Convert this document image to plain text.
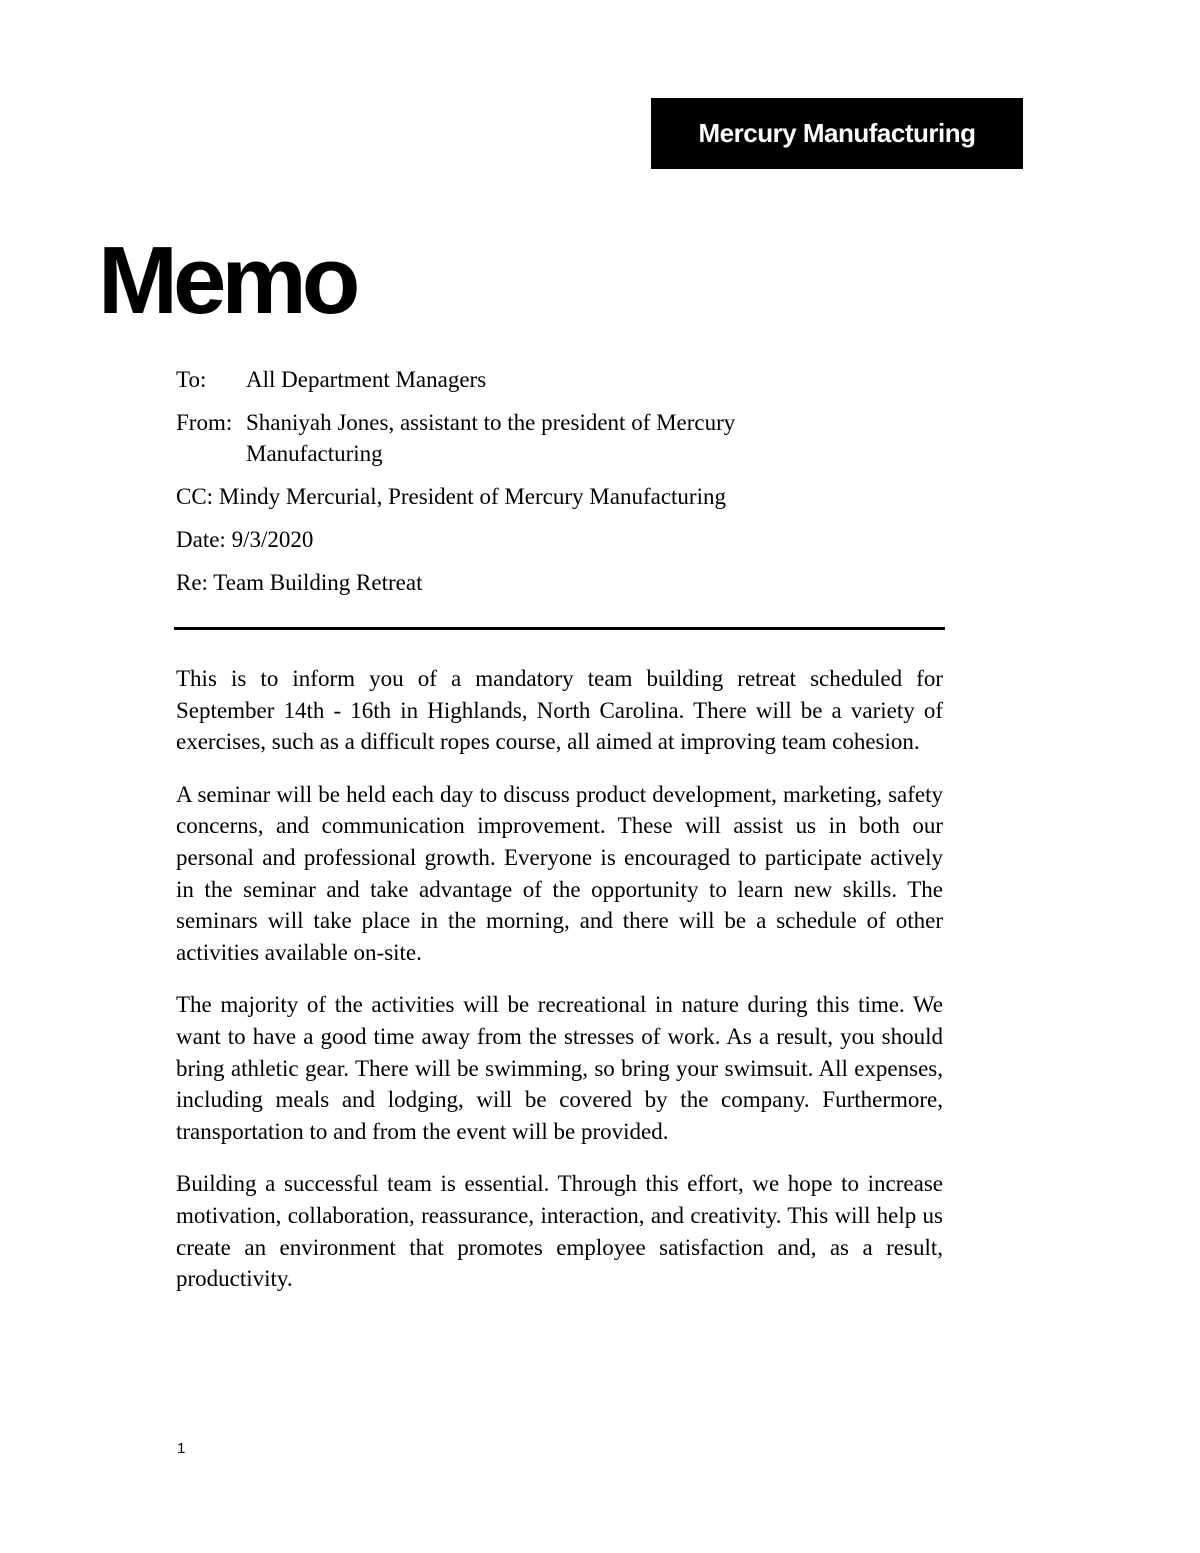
Mercury Manufacturing
Memo
To: All Department Managers
From: Shaniyah Jones, assistant to the president of Mercury Manufacturing
CC: Mindy Mercurial, President of Mercury Manufacturing
Date: 9/3/2020
Re: Team Building Retreat

This is to inform you of a mandatory team building retreat scheduled for September 14th - 16th in Highlands, North Carolina. There will be a variety of exercises, such as a difficult ropes course, all aimed at improving team cohesion.

A seminar will be held each day to discuss product development, marketing, safety concerns, and communication improvement. These will assist us in both our personal and professional growth. Everyone is encouraged to participate actively in the seminar and take advantage of the opportunity to learn new skills. The seminars will take place in the morning, and there will be a schedule of other activities available on-site.

The majority of the activities will be recreational in nature during this time. We want to have a good time away from the stresses of work. As a result, you should bring athletic gear. There will be swimming, so bring your swimsuit. All expenses, including meals and lodging, will be covered by the company. Furthermore, transportation to and from the event will be provided.

Building a successful team is essential. Through this effort, we hope to increase motivation, collaboration, reassurance, interaction, and creativity. This will help us create an environment that promotes employee satisfaction and, as a result, productivity.

1
